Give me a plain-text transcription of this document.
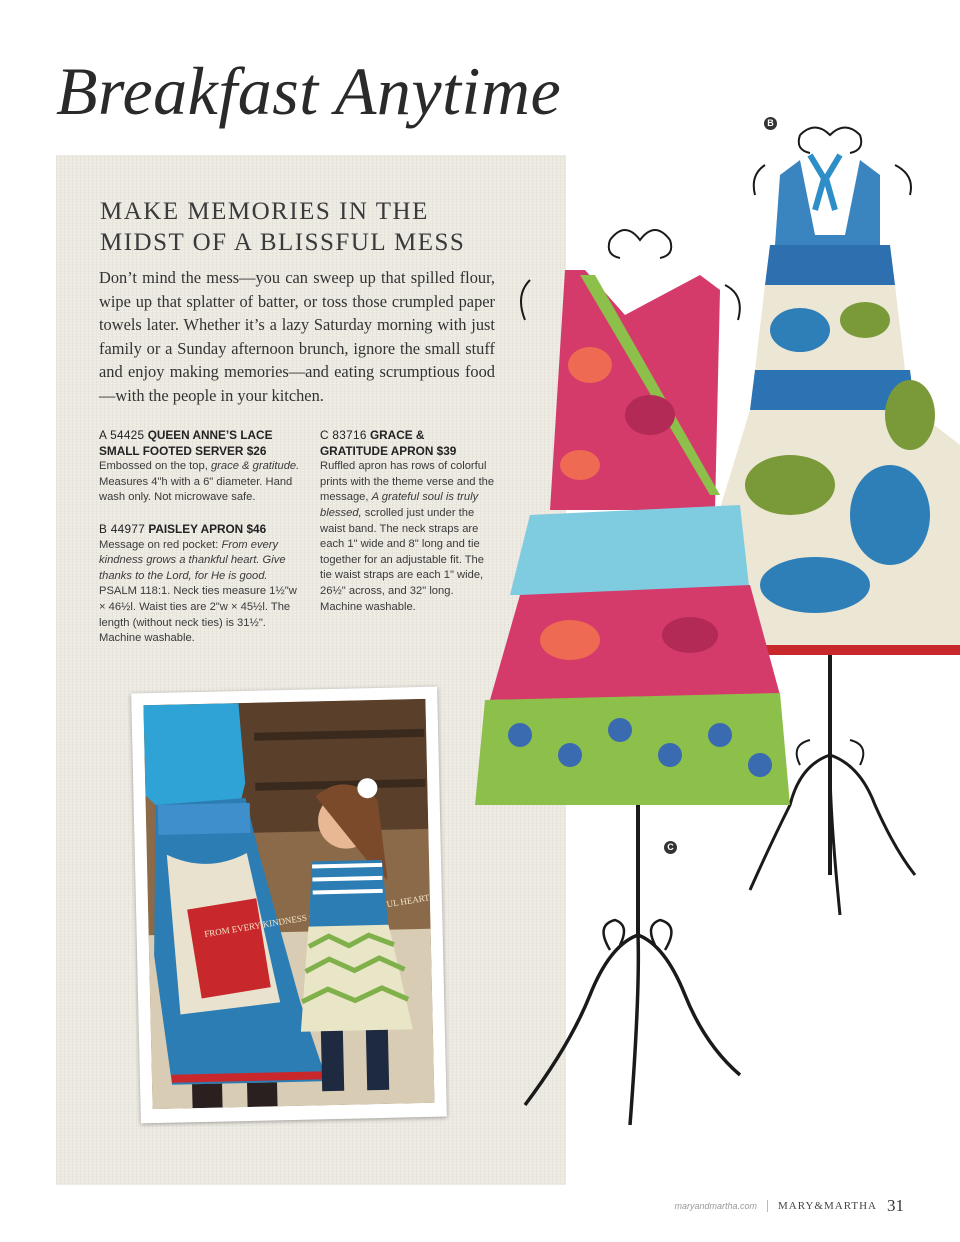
Breakfast Anytime
MAKE MEMORIES IN THE
MIDST OF A BLISSFUL MESS

Don’t mind the mess—you can sweep up that spilled flour, wipe up that splatter of batter, or toss those crumpled paper towels later. Whether it’s a lazy Saturday morning with just family or a Sunday afternoon brunch, ignore the small stuff and enjoy making memories—and eating scrumptious food—with the people in your kitchen.

A 54425 QUEEN ANNE’S LACE
SMALL FOOTED SERVER $26

Embossed on the top, grace & gratitude.
Measures 4"h with a 6" diameter. Hand wash only. Not microwave safe.

B 44977 PAISLEY APRON $46

Message on red pocket: From every kindness grows a thankful heart. Give thanks to the Lord, for He is good.
PSALM 118:1. Neck ties measure 1½"w × 46½l. Waist ties are 2"w × 45½l. The length (without neck ties) is 31½". Machine washable.

C 83716 GRACE &
GRATITUDE APRON $39

Ruffled apron has rows of colorful prints with the theme verse and the message, A grateful soul is truly blessed, scrolled just under the waist band. The neck straps are each 1" wide and 8" long and tie together for an adjustable fit. The tie waist straps are each 1" wide, 26½" across, and 32" long. Machine washable.

FROM EVERY KINDNESS HEART
B
C
maryandmartha.com MARY&MARTHA 31
